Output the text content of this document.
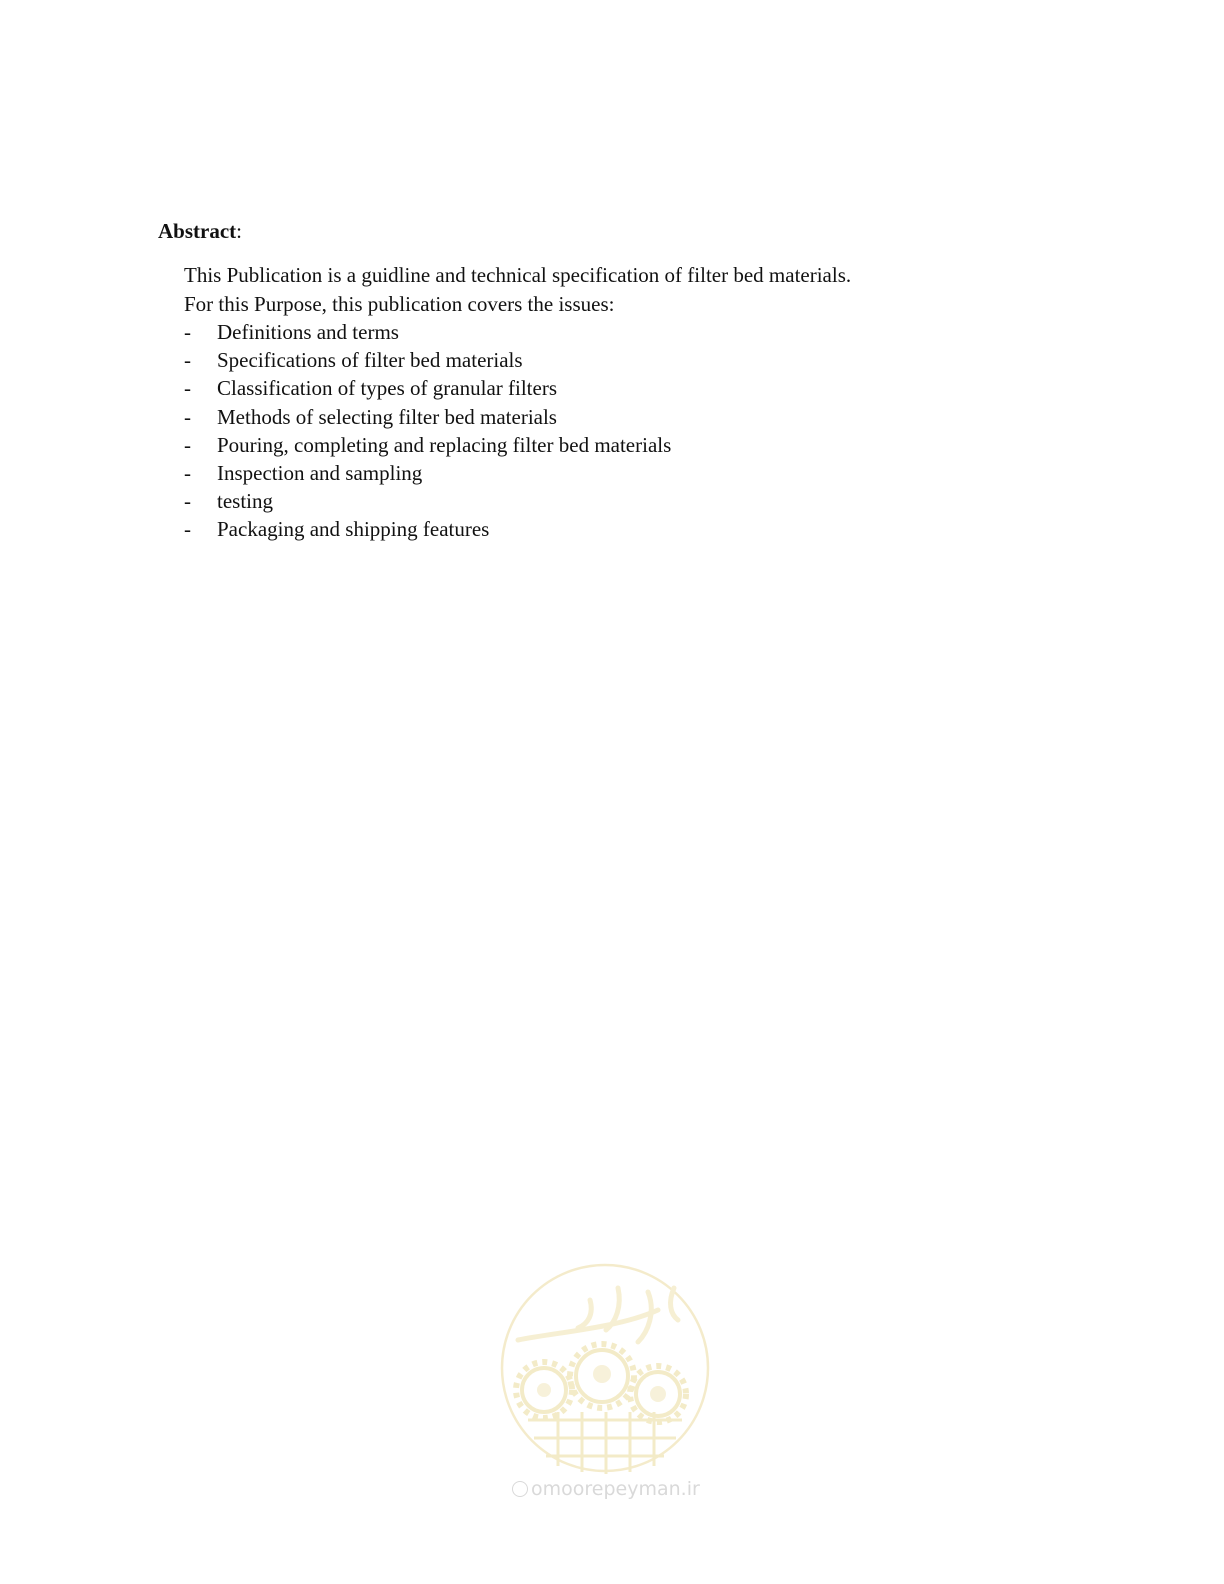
Abstract:
This Publication is a guidline and technical specification of filter bed materials.
For this Purpose, this publication covers the issues:
- Definitions and terms
- Specifications of filter bed materials
- Classification of types of granular filters
- Methods of selecting filter bed materials
- Pouring, completing and replacing filter bed materials
- Inspection and sampling
- testing
- Packaging and shipping features
omoorepeyman.ir
